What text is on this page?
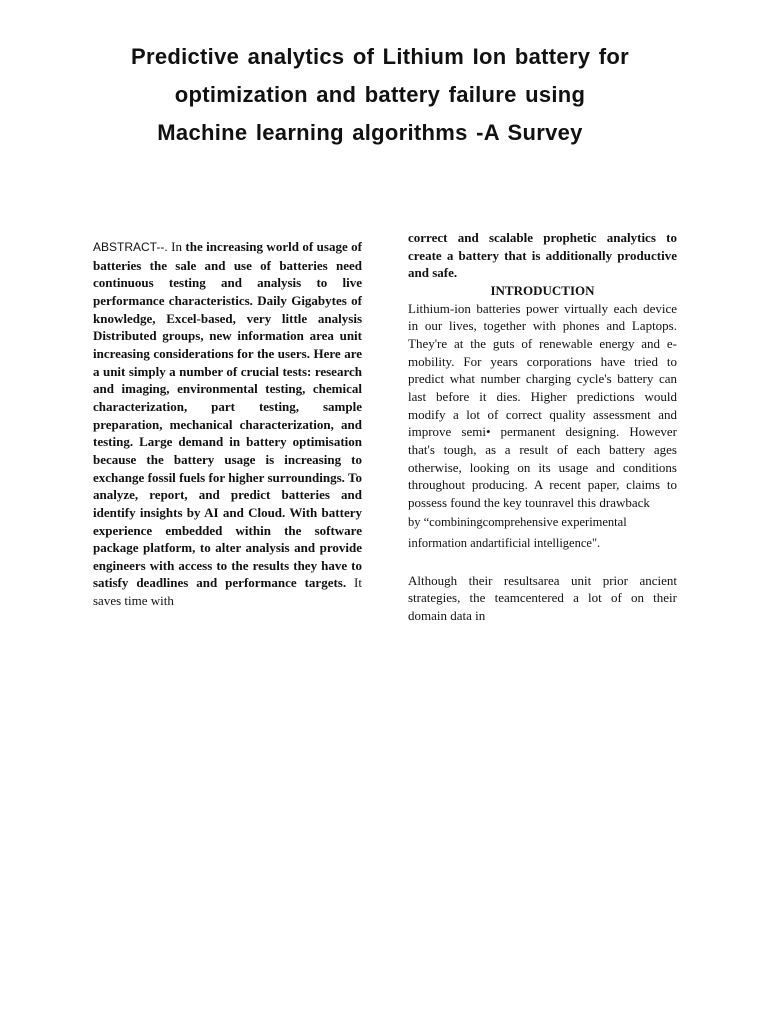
Predictive analytics of Lithium Ion battery for
optimization and battery failure using
Machine learning algorithms -A Survey
ABSTRACT--. In the increasing world of usage of batteries the sale and use of batteries need continuous testing and analysis to live performance characteristics. Daily Gigabytes of knowledge, Excel-based, very little analysis Distributed groups, new information area unit increasing considerations for the users. Here are a unit simply a number of crucial tests: research and imaging, environmental testing, chemical characterization, part testing, sample preparation, mechanical characterization, and testing. Large demand in battery optimisation because the battery usage is increasing to exchange fossil fuels for higher surroundings. To analyze, report, and predict batteries and identify insights by AI and Cloud. With battery experience embedded within the software package platform, to alter analysis and provide engineers with access to the results they have to satisfy deadlines and performance targets. It saves time with

correct and scalable prophetic analytics to create a battery that is additionally productive and safe.

INTRODUCTION

Lithium-ion batteries power virtually each device in our lives, together with phones and Laptops. They're at the guts of renewable energy and e-mobility. For years corporations have tried to predict what number charging cycle's battery can last before it dies. Higher predictions would modify a lot of correct quality assessment and improve semi• permanent designing. However that's tough, as a result of each battery ages otherwise, looking on its usage and conditions throughout producing. A recent paper, claims to possess found the key tounravel this drawback

by “combiningcomprehensive experimental

information andartificial intelligence".

Although their resultsarea unit prior ancient strategies, the teamcentered a lot of on their domain data in
